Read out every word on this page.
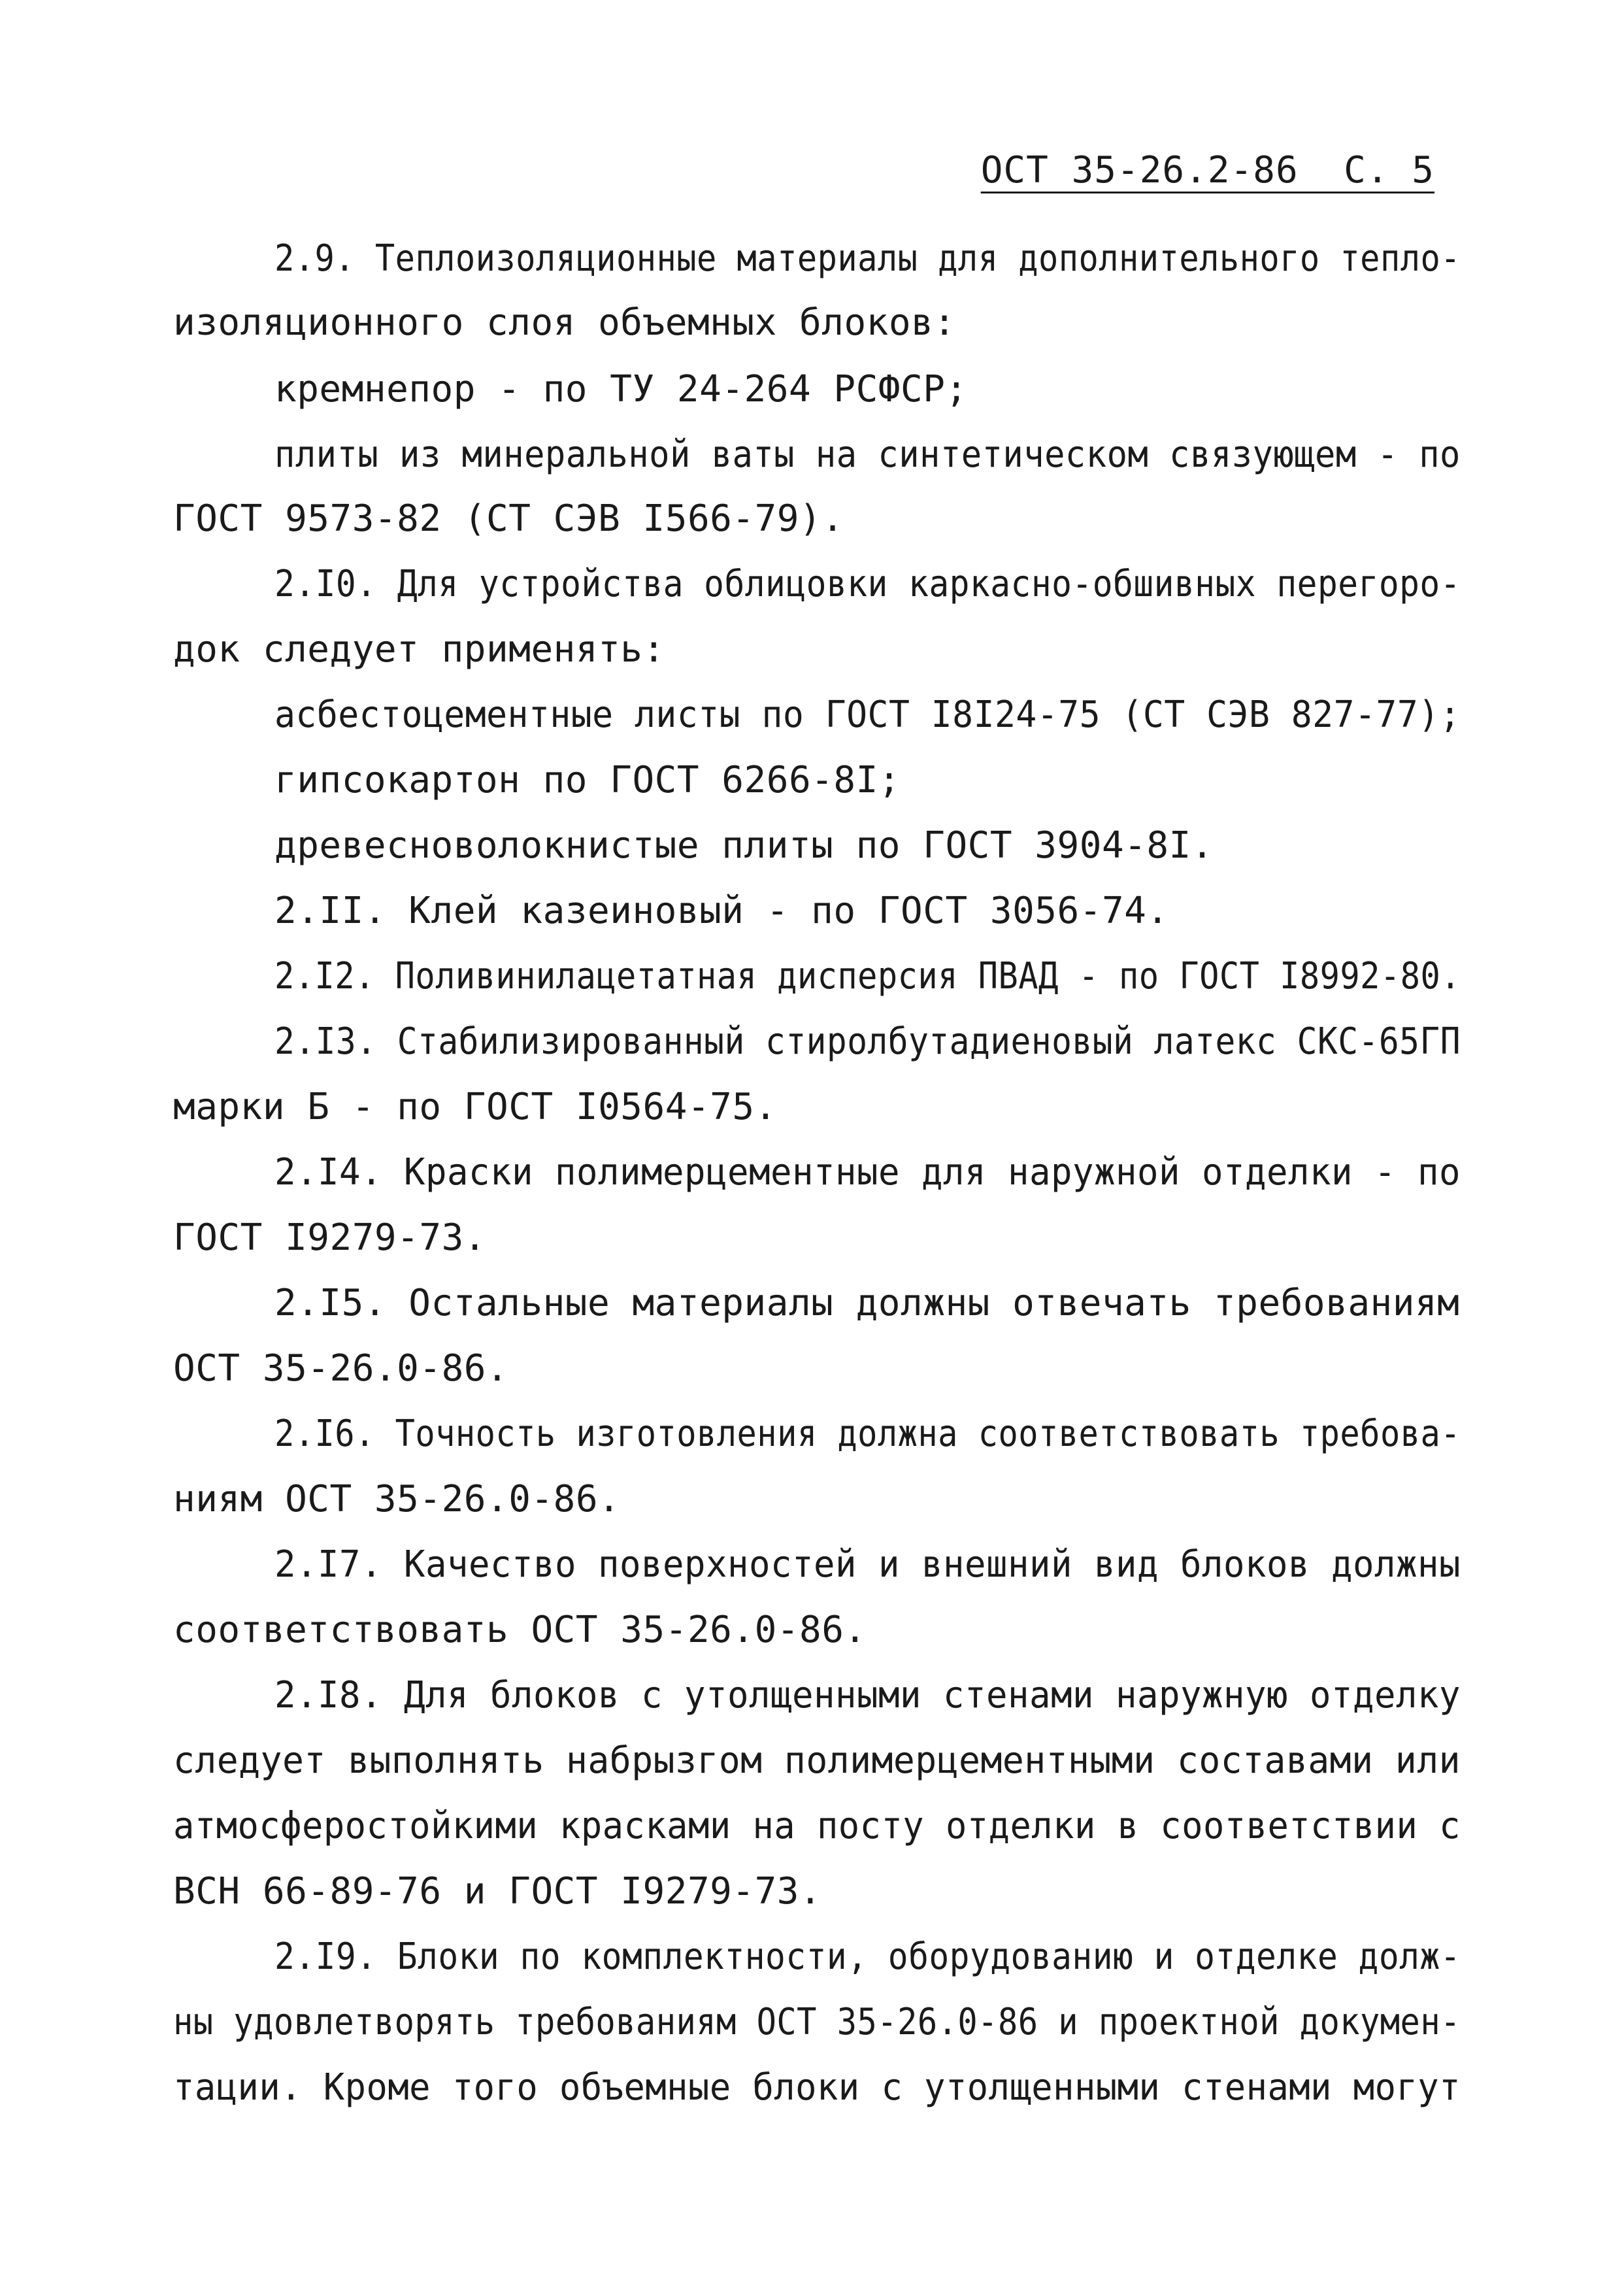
ОСТ 35-26.2-86  С. 5
2.9. Теплоизоляционные материалы для дополнительного тепло-
изоляционного слоя объемных блоков:
кремнепор - по ТУ 24-264 РСФСР;
плиты из минеральной ваты на синтетическом связующем - по
ГОСТ 9573-82 (СТ СЭВ I566-79).
2.I0. Для устройства облицовки каркасно-обшивных перегоро-
док следует применять:
асбестоцементные листы по ГОСТ I8I24-75 (СТ СЭВ 827-77);
гипсокартон по ГОСТ 6266-8I;
древесноволокнистые плиты по ГОСТ 3904-8I.
2.II. Клей казеиновый - по ГОСТ 3056-74.
2.I2. Поливинилацетатная дисперсия ПВАД - по ГОСТ I8992-80.
2.I3. Стабилизированный стиролбутадиеновый латекс СКС-65ГП
марки Б - по ГОСТ I0564-75.
2.I4. Краски полимерцементные для наружной отделки - по
ГОСТ I9279-73.
2.I5. Остальные материалы должны отвечать требованиям
ОСТ 35-26.0-86.
2.I6. Точность изготовления должна соответствовать требова-
ниям ОСТ 35-26.0-86.
2.I7. Качество поверхностей и внешний вид блоков должны
соответствовать ОСТ 35-26.0-86.
2.I8. Для блоков с утолщенными стенами наружную отделку
следует выполнять набрызгом полимерцементными составами или
атмосферостойкими красками на посту отделки в соответствии с
ВСН 66-89-76 и ГОСТ I9279-73.
2.I9. Блоки по комплектности, оборудованию и отделке долж-
ны удовлетворять требованиям ОСТ 35-26.0-86 и проектной докумен-
тации. Кроме того объемные блоки с утолщенными стенами могут
